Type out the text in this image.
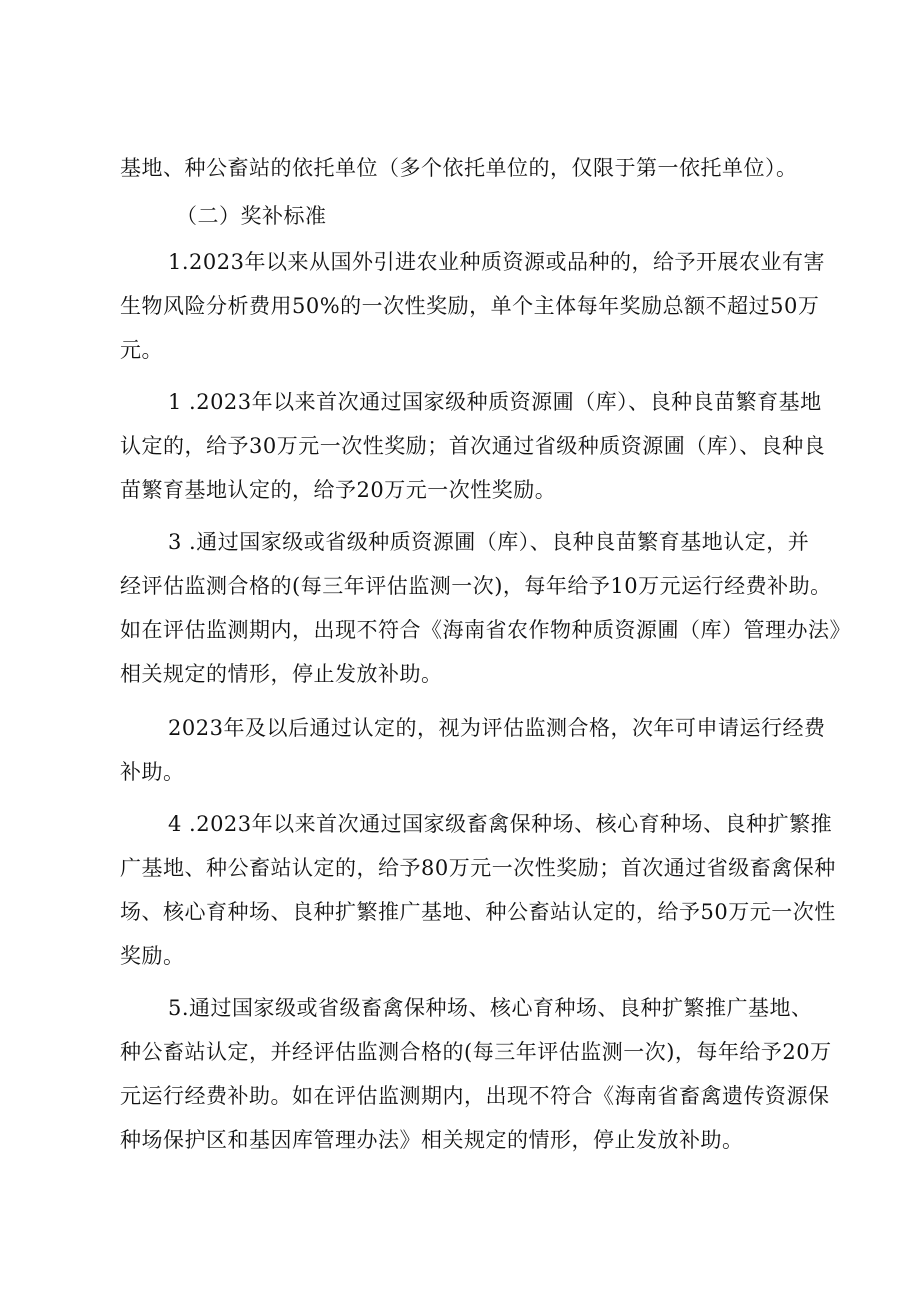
基地、种公畜站的依托单位（多个依托单位的，仅限于第一依托单位）。

（二）奖补标准

1.2023年以来从国外引进农业种质资源或品种的，给予开展农业有害
生物风险分析费用50%的一次性奖励，单个主体每年奖励总额不超过50万
元。

1 .2023年以来首次通过国家级种质资源圃（库）、良种良苗繁育基地
认定的，给予30万元一次性奖励；首次通过省级种质资源圃（库）、良种良
苗繁育基地认定的，给予20万元一次性奖励。

3 .通过国家级或省级种质资源圃（库）、良种良苗繁育基地认定，并
经评估监测合格的(每三年评估监测一次)，每年给予10万元运行经费补助。
如在评估监测期内，出现不符合《海南省农作物种质资源圃（库）管理办法》
相关规定的情形，停止发放补助。

2023年及以后通过认定的，视为评估监测合格，次年可申请运行经费
补助。

4 .2023年以来首次通过国家级畜禽保种场、核心育种场、良种扩繁推
广基地、种公畜站认定的，给予80万元一次性奖励；首次通过省级畜禽保种
场、核心育种场、良种扩繁推广基地、种公畜站认定的，给予50万元一次性
奖励。

5.通过国家级或省级畜禽保种场、核心育种场、良种扩繁推广基地、
种公畜站认定，并经评估监测合格的(每三年评估监测一次)，每年给予20万
元运行经费补助。如在评估监测期内，出现不符合《海南省畜禽遗传资源保
种场保护区和基因库管理办法》相关规定的情形，停止发放补助。
